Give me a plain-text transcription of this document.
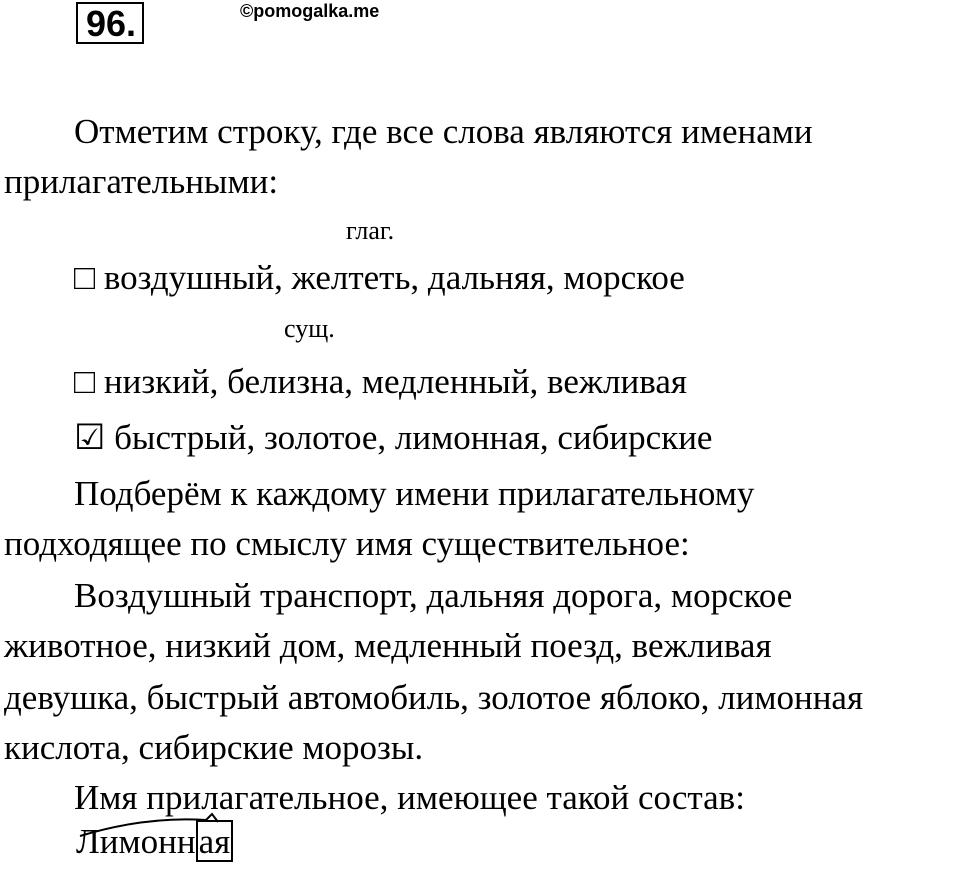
96.	©pomogalka.me
Отметим строку, где все слова являются именами
прилагательными:
глаг.
□ воздушный, желтеть, дальняя, морское
сущ.
□ низкий, белизна, медленный, вежливая
☑ быстрый, золотое, лимонная, сибирские
Подберём к каждому имени прилагательному
подходящее по смыслу имя существительное:
Воздушный транспорт, дальняя дорога, морское
животное, низкий дом, медленный поезд, вежливая
девушка, быстрый автомобиль, золотое яблоко, лимонная
кислота, сибирские морозы.
Имя прилагательное, имеющее такой состав:
Лимонная
